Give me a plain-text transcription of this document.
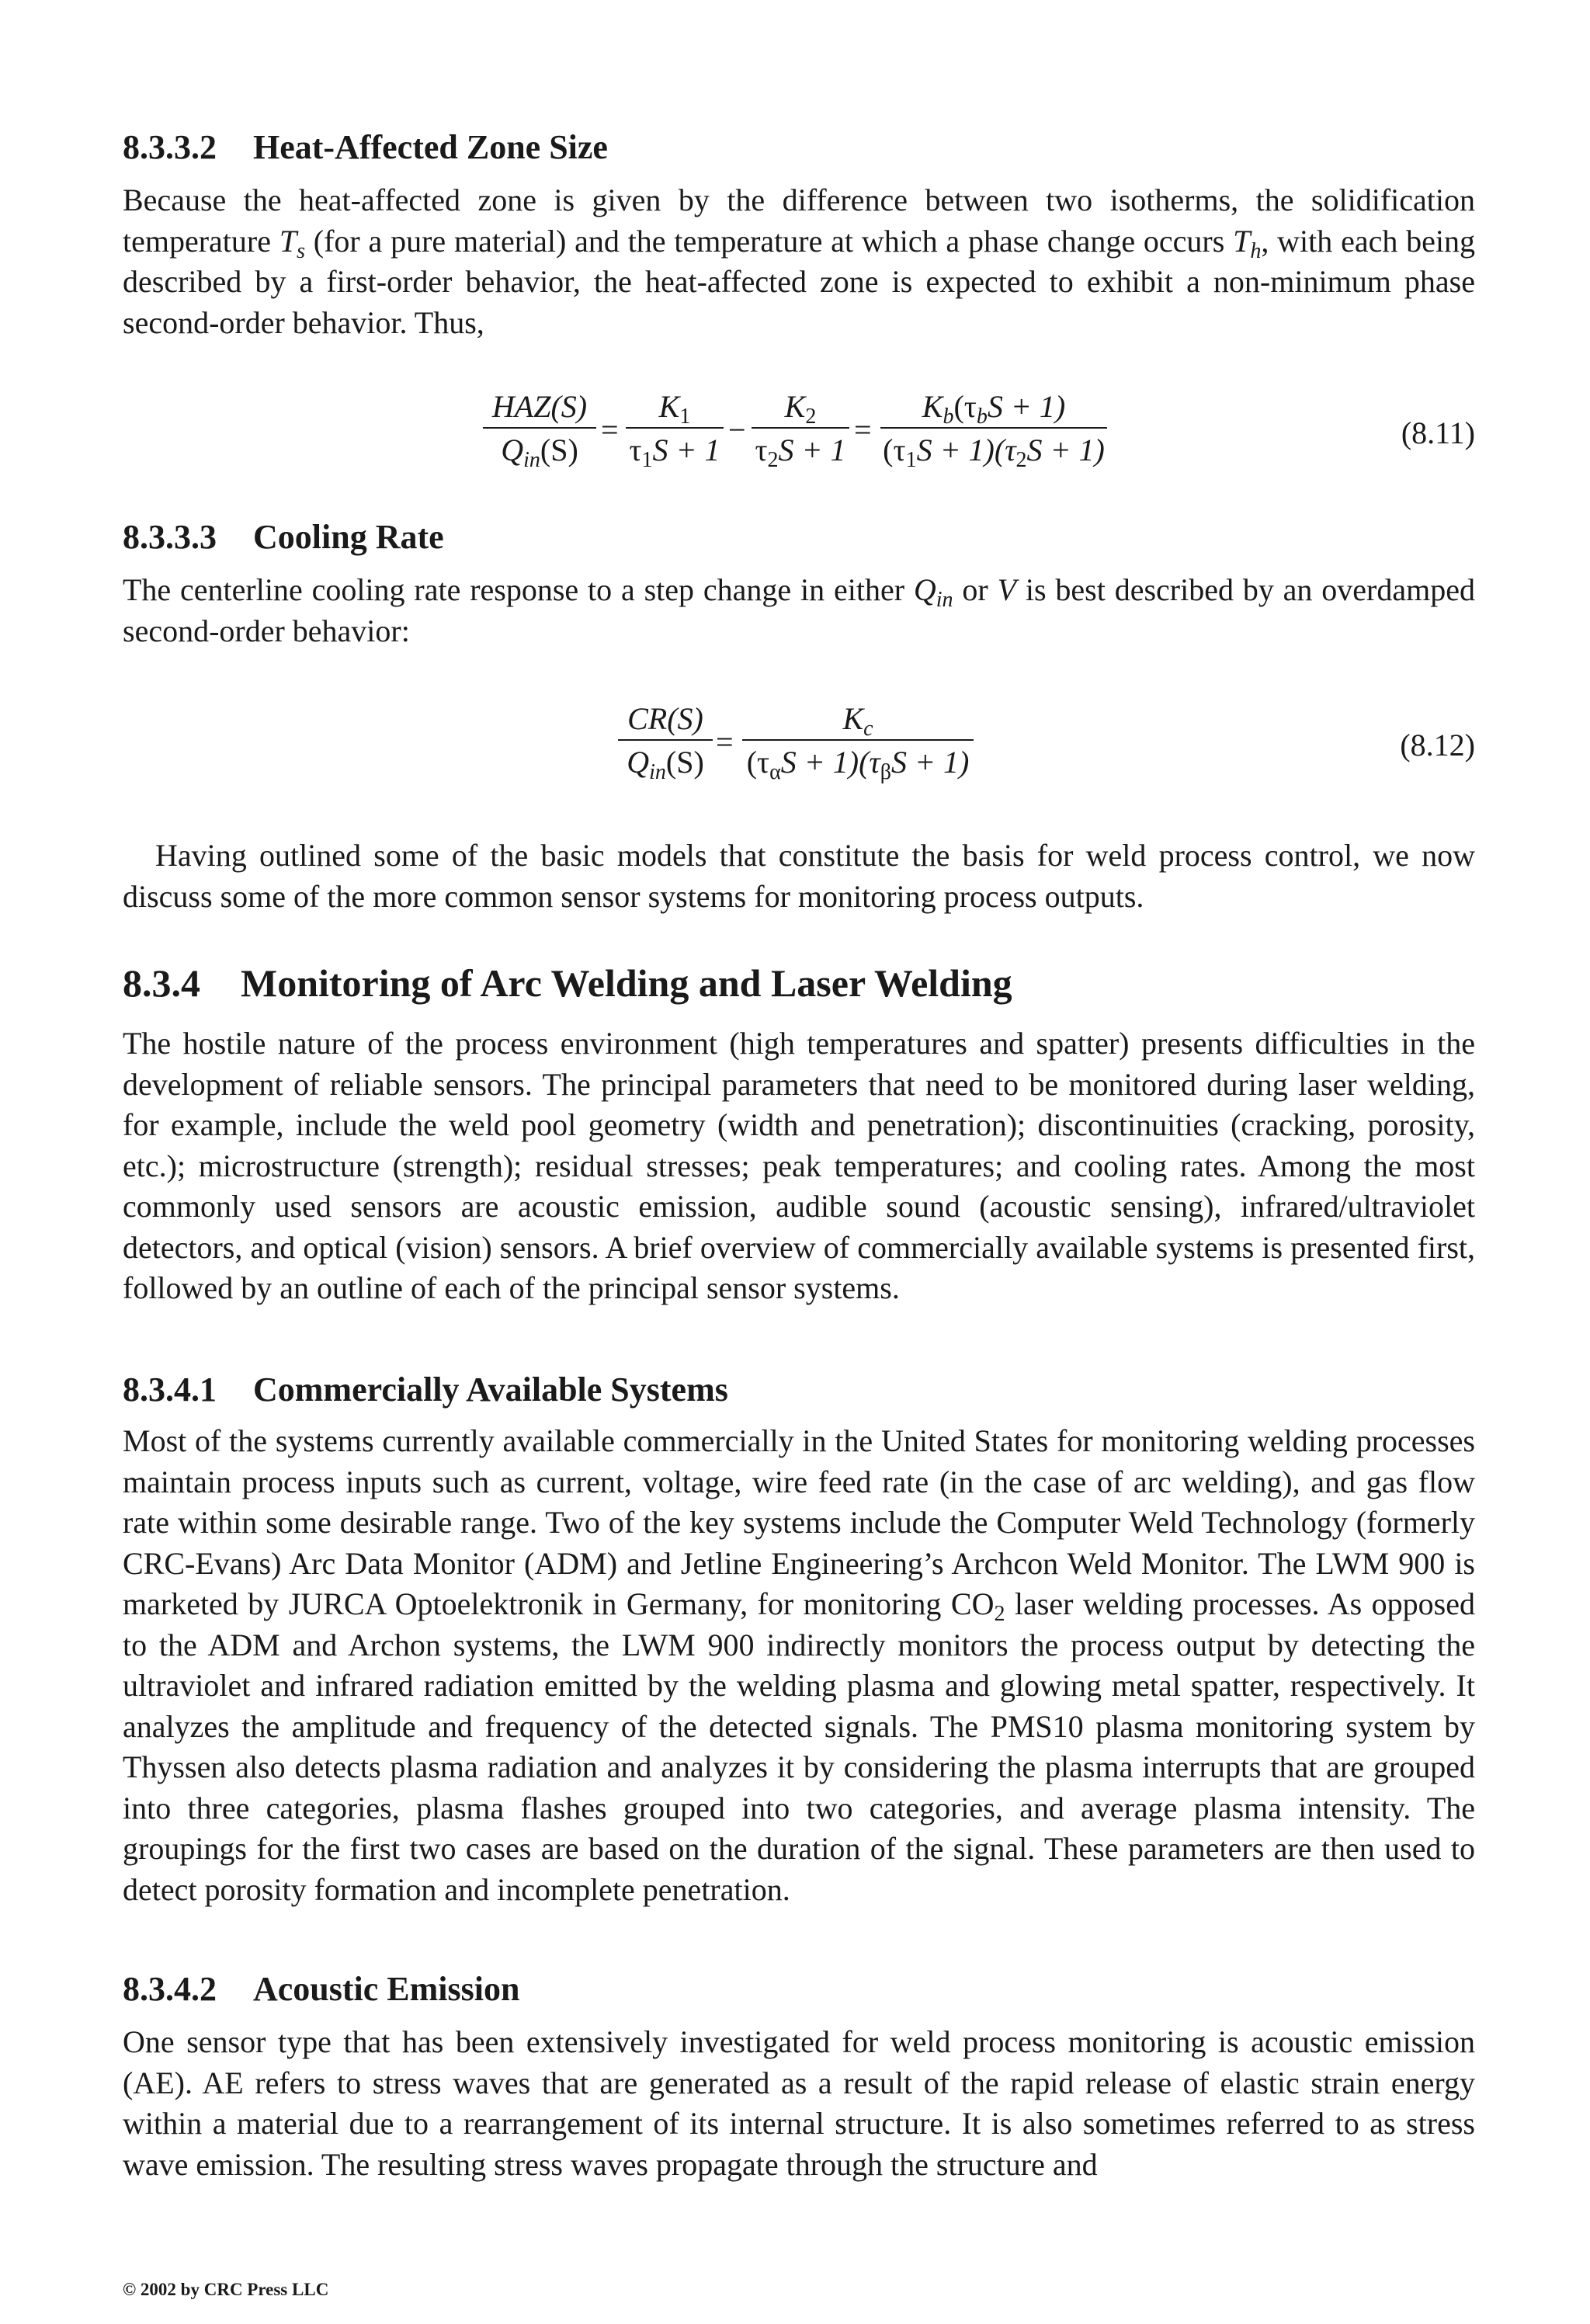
8.3.3.2 Heat-Affected Zone Size

Because the heat-affected zone is given by the difference between two isotherms, the solidification temperature $T_s$ (for a pure material) and the temperature at which a phase change occurs $T_h$, with each being described by a first-order behavior, the heat-affected zone is expected to exhibit a non-minimum phase second-order behavior. Thus,

HAZ(S)
$Q_{in}(S)$
= $\frac{K_1}{\tau_1S + 1} - \frac{K_2}{\tau_2S + 1}$ =
$K_b(\tau_bS + 1)$
$(\tau_1S + 1)(\tau_2S + 1)$	(8.11)
8.3.3.3 Cooling Rate

The centerline cooling rate response to a step change in either $Q_{in}$ or V is best described by an overdamped second-order behavior:

CR(S)
$Q_{in}(S)$
=
$K_c$
$(\tau_\alpha S + 1)(\tau_\beta S + 1)$	(8.12)

Having outlined some of the basic models that constitute the basis for weld process control, we now discuss some of the more common sensor systems for monitoring process outputs.

8.3.4 Monitoring of Arc Welding and Laser Welding

The hostile nature of the process environment (high temperatures and spatter) presents difficulties in the development of reliable sensors. The principal parameters that need to be monitored during laser welding, for example, include the weld pool geometry (width and penetration); discontinuities (cracking, porosity, etc.); microstructure (strength); residual stresses; peak temperatures; and cooling rates. Among the most commonly used sensors are acoustic emission, audible sound (acoustic sensing), infrared/ultraviolet detectors, and optical (vision) sensors. A brief overview of commercially available systems is presented first, followed by an outline of each of the principal sensor systems.

8.3.4.1 Commercially Available Systems

Most of the systems currently available commercially in the United States for monitoring welding processes maintain process inputs such as current, voltage, wire feed rate (in the case of arc welding), and gas flow rate within some desirable range. Two of the key systems include the Computer Weld Technology (formerly CRC-Evans) Arc Data Monitor (ADM) and Jetline Engineering’s Archcon Weld Monitor. The LWM 900 is marketed by JURCA Optoelektronik in Germany, for monitoring $CO_2$ laser welding processes. As opposed to the ADM and Archon systems, the LWM 900 indirectly monitors the process output by detecting the ultraviolet and infrared radiation emitted by the welding plasma and glowing metal spatter, respectively. It analyzes the amplitude and frequency of the detected signals. The PMS10 plasma monitoring system by Thyssen also detects plasma radiation and analyzes it by considering the plasma interrupts that are grouped into three categories, plasma flashes grouped into two categories, and average plasma intensity. The groupings for the first two cases are based on the duration of the signal. These parameters are then used to detect porosity formation and incomplete penetration.

8.3.4.2 Acoustic Emission

One sensor type that has been extensively investigated for weld process monitoring is acoustic emission (AE). AE refers to stress waves that are generated as a result of the rapid release of elastic strain energy within a material due to a rearrangement of its internal structure. It is also sometimes referred to as stress wave emission. The resulting stress waves propagate through the structure and

© 2002 by CRC Press LLC
